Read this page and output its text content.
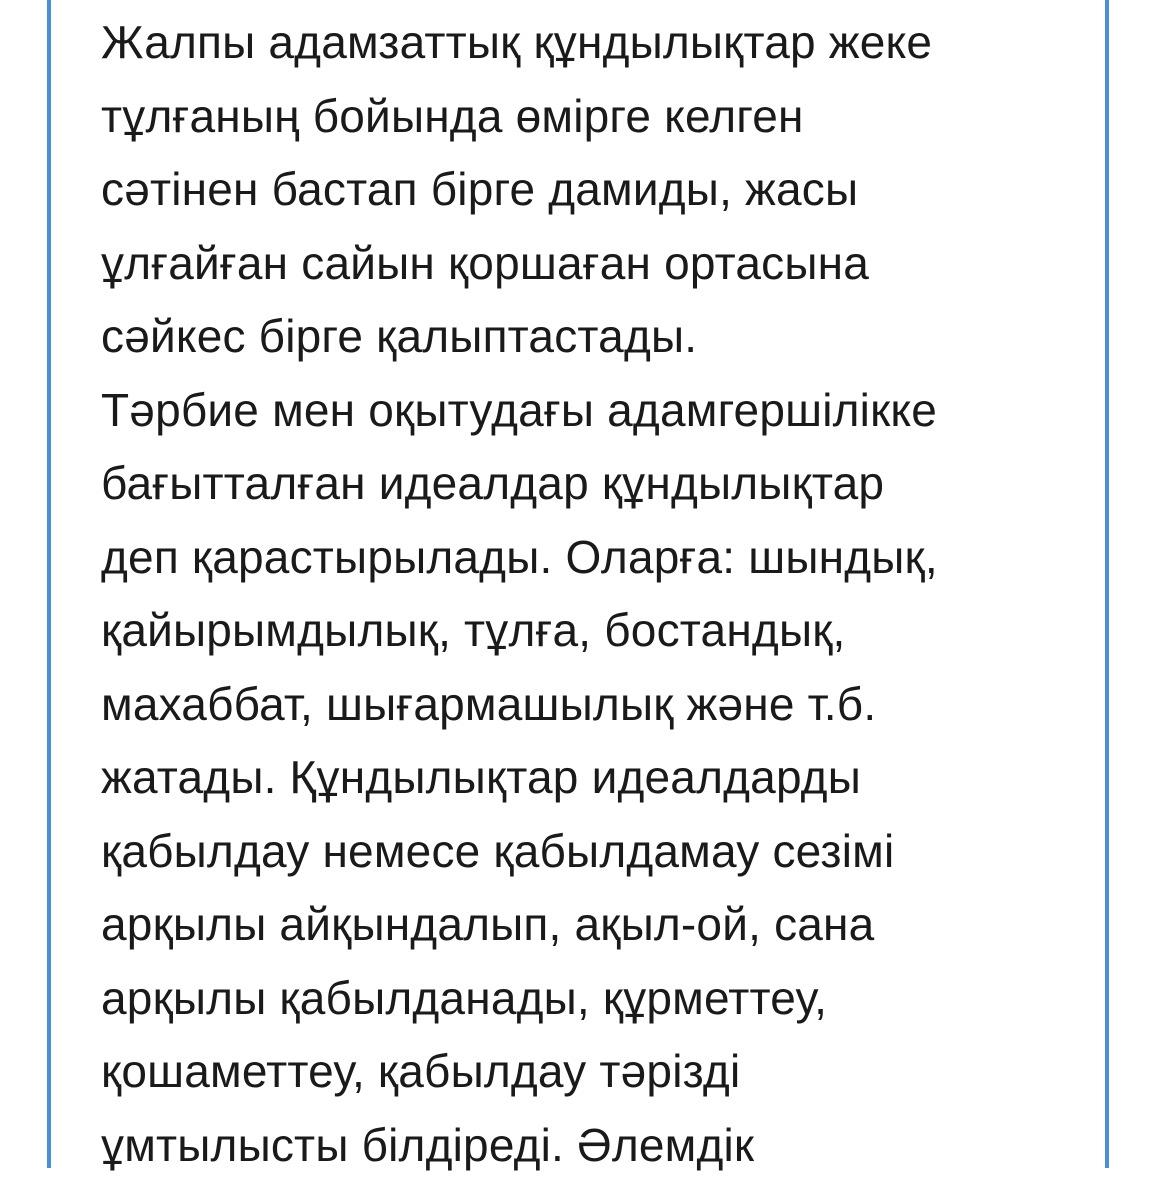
Жалпы адамзаттық құндылықтар жеке
тұлғаның бойында өмірге келген
сәтінен бастап бірге дамиды, жасы
ұлғайған сайын қоршаған ортасына
сәйкес бірге қалыптастады.
Тәрбие мен оқытудағы адамгершілікке
бағытталған идеалдар құндылықтар
деп қарастырылады. Оларға: шындық,
қайырымдылық, тұлға, бостандық,
махаббат, шығармашылық және т.б.
жатады. Құндылықтар идеалдарды
қабылдау немесе қабылдамау сезімі
арқылы айқындалып, ақыл-ой, сана
арқылы қабылданады, құрметтеу,
қошаметтеу, қабылдау тәрізді
ұмтылысты білдіреді. Әлемдік
